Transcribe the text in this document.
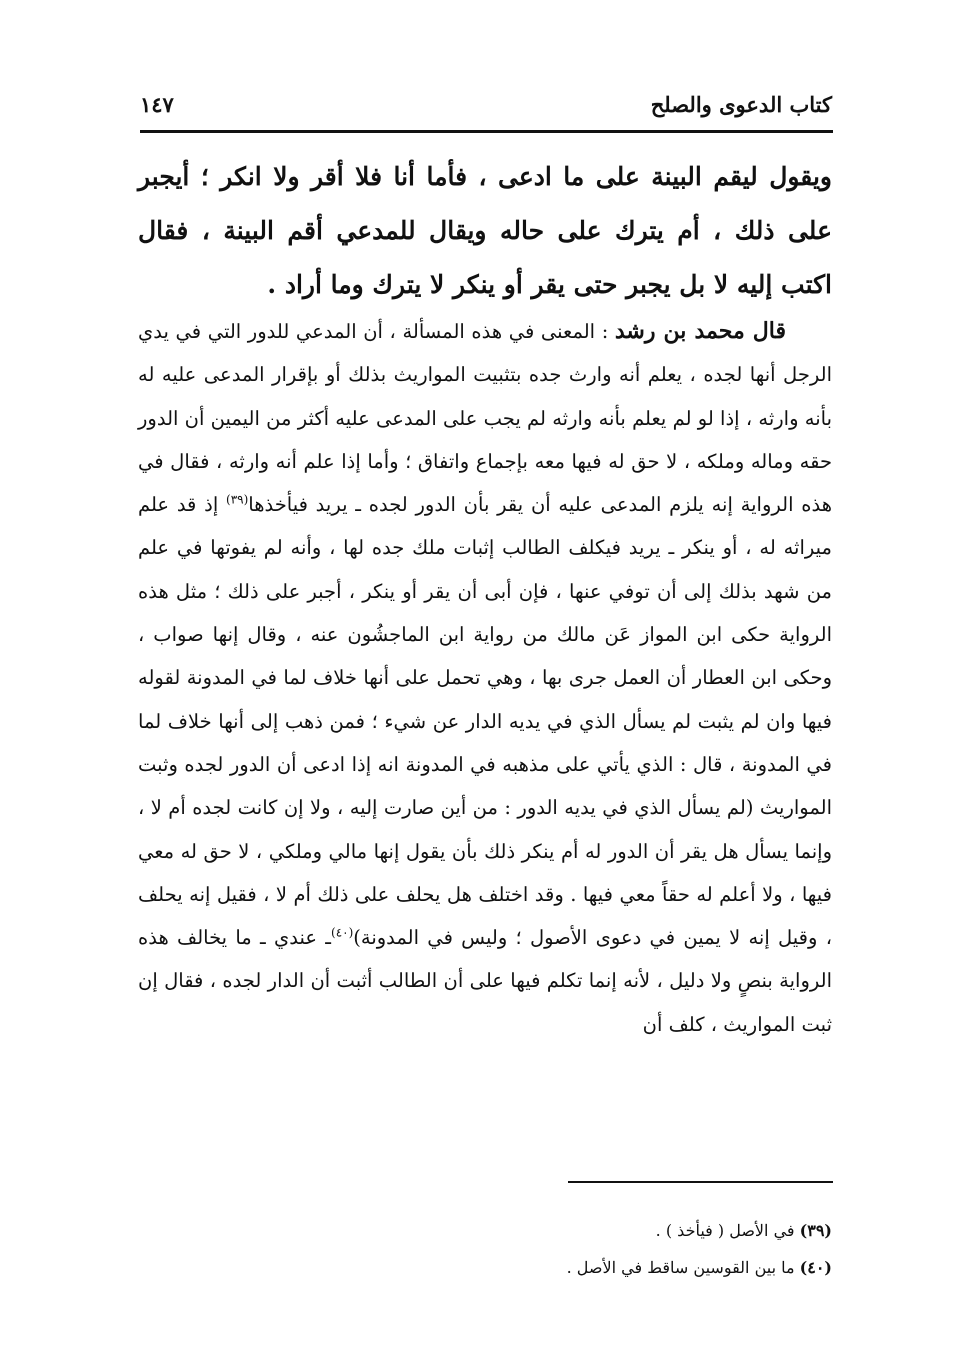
كتاب الدعوى والصلح
١٤٧

ويقول ليقم البينة على ما ادعى ، فأما أنا فلا أقر ولا انكر ؛ أيجبر على ذلك ، أم يترك على حاله ويقال للمدعي أقم البينة ، فقال اكتب إليه لا بل يجبر حتى يقر أو ينكر لا يترك وما أراد .

قال محمد بن رشد : المعنى في هذه المسألة ، أن المدعي للدور التي في يدي الرجل أنها لجده ، يعلم أنه وارث جده بتثبيت المواريث بذلك أو بإقرار المدعى عليه له بأنه وارثه ، إذا لو لم يعلم بأنه وارثه لم يجب على المدعى عليه أكثر من اليمين أن الدور حقه وماله وملكه ، لا حق له فيها معه بإجماع واتفاق ؛ وأما إذا علم أنه وارثه ، فقال في هذه الرواية إنه يلزم المدعى عليه أن يقر بأن الدور لجده ـ يريد فيأخذها$^{(٣٩)}$ إذ قد علم ميراثه له ، أو ينكر ـ يريد فيكلف الطالب إثبات ملك جده لها ، وأنه لم يفوتها في علم من شهد بذلك إلى أن توفي عنها ، فإن أبى أن يقر أو ينكر ، أجبر على ذلك ؛ مثل هذه الرواية حكى ابن المواز عَن مالك من رواية ابن الماجشُون عنه ، وقال إنها صواب ، وحكى ابن العطار أن العمل جرى بها ، وهي تحمل على أنها خلاف لما في المدونة لقوله فيها وان لم يثبت لم يسأل الذي في يديه الدار عن شيء ؛ فمن ذهب إلى أنها خلاف لما في المدونة ، قال : الذي يأتي على مذهبه في المدونة انه إذا ادعى أن الدور لجده وثبت المواريث (لم يسأل الذي في يديه الدور : من أين صارت إليه ، ولا إن كانت لجده أم لا ، وإنما يسأل هل يقر أن الدور له أم ينكر ذلك بأن يقول إنها مالي وملكي ، لا حق له معي فيها ، ولا أعلم له حقاً معي فيها . وقد اختلف هل يحلف على ذلك أم لا ، فقيل إنه يحلف ، وقيل إنه لا يمين في دعوى الأصول ؛ وليس في المدونة)$^{(٤٠)}$ـ عندي ـ ما يخالف هذه الرواية بنصٍ ولا دليل ، لأنه إنما تكلم فيها على أن الطالب أثبت أن الدار لجده ، فقال إن ثبت المواريث ، كلف أن

(٣٩) في الأصل ( فيأخذ ) .
(٤٠) ما بين القوسين ساقط في الأصل .
